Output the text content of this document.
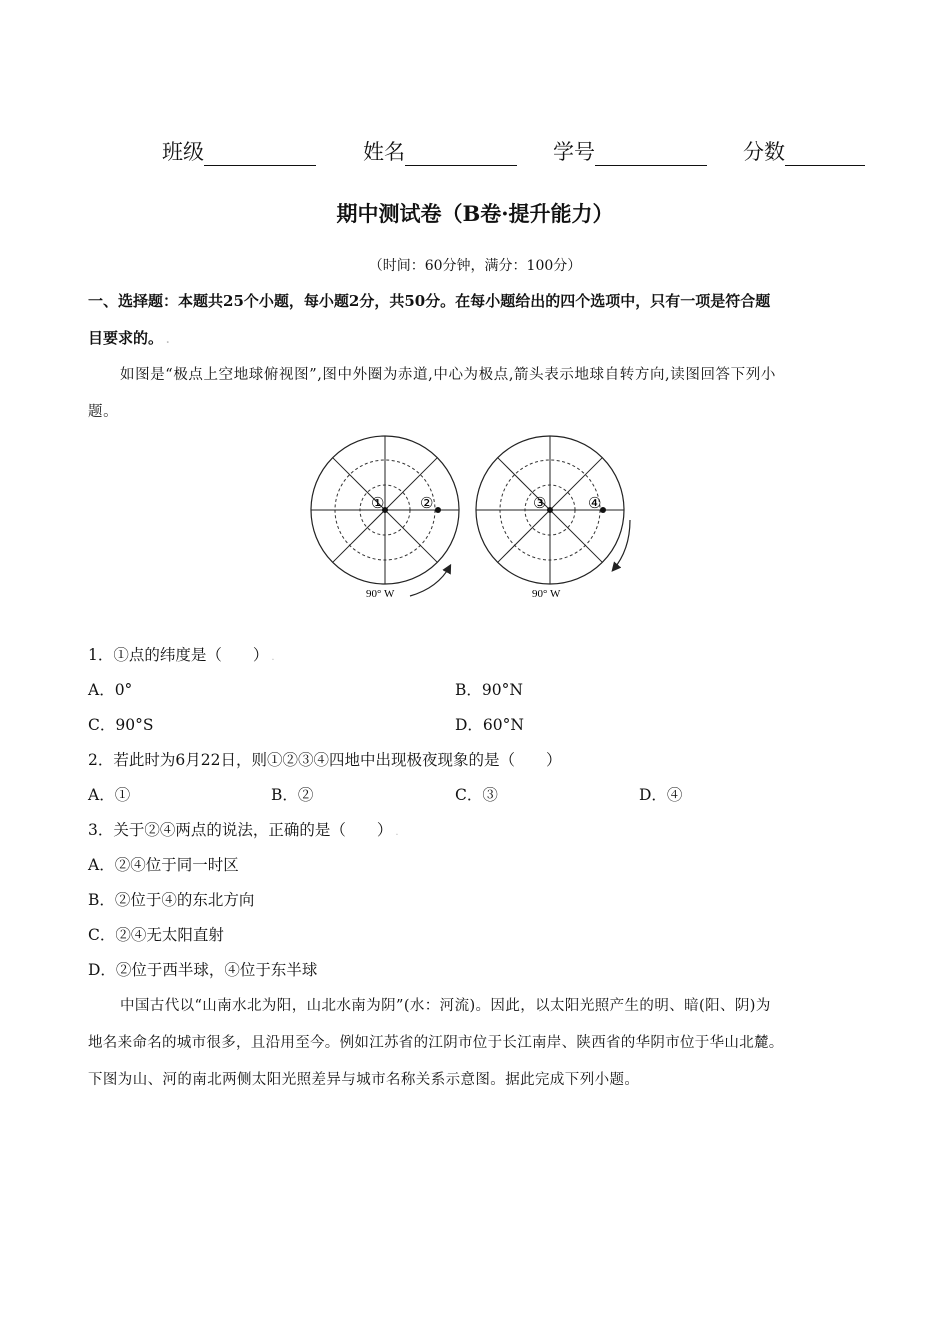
班级	姓名	学号	分数
期中测试卷（B卷·提升能力）
（时间：60分钟，满分：100分）
一、选择题：本题共25个小题，每小题2分，共50分。在每小题给出的四个选项中，只有一项是符合题
目要求的。 .
如图是“极点上空地球俯视图”,图中外圈为赤道,中心为极点,箭头表示地球自转方向,读图回答下列小
题。
① ②
90° W
③	④
90° W
1．①点的纬度是（　　） .
A．0°	B．90°N
C．90°S	D．60°N
2．若此时为6月22日，则①②③④四地中出现极夜现象的是（　　）
A．①	B．②	C．③	D．④
3．关于②④两点的说法，正确的是（　　） .
A．②④位于同一时区
B．②位于④的东北方向
C．②④无太阳直射
D．②位于西半球，④位于东半球
中国古代以“山南水北为阳，山北水南为阴”(水：河流)。因此，以太阳光照产生的明、暗(阳、阴)为
地名来命名的城市很多，且沿用至今。例如江苏省的江阴市位于长江南岸、陕西省的华阴市位于华山北麓。
下图为山、河的南北两侧太阳光照差异与城市名称关系示意图。据此完成下列小题。
